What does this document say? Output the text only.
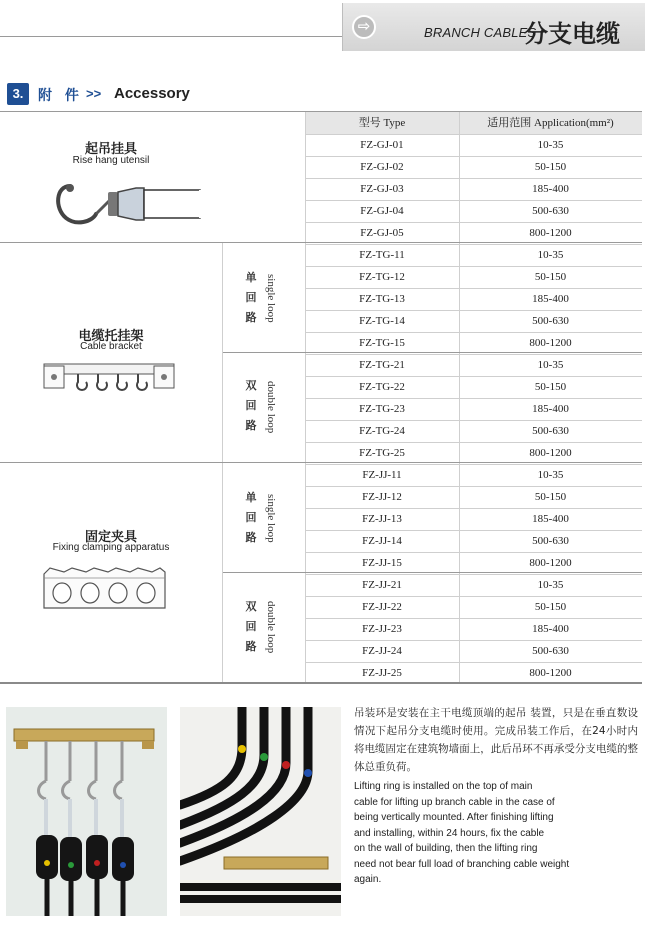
⇨	BRANCH CABLES
分支电缆
3.	附 件 >> Accessory
型号 Type	适用范围 Application(mm²)
FZ-GJ-01	10-35
FZ-GJ-02	50-150
FZ-GJ-03	185-400
FZ-GJ-04	500-630
FZ-GJ-05	800-1200
FZ-TG-11	10-35
FZ-TG-12	50-150
FZ-TG-13	185-400
FZ-TG-14	500-630
FZ-TG-15	800-1200
FZ-TG-21	10-35
FZ-TG-22	50-150
FZ-TG-23	185-400
FZ-TG-24	500-630
FZ-TG-25	800-1200
FZ-JJ-11	10-35
FZ-JJ-12	50-150
FZ-JJ-13	185-400
FZ-JJ-14	500-630
FZ-JJ-15	800-1200
FZ-JJ-21	10-35
FZ-JJ-22	50-150
FZ-JJ-23	185-400
FZ-JJ-24	500-630
FZ-JJ-25	800-1200
起吊挂具
Rise hang utensil
电缆托挂架
Cable bracket
单
回
路 single loop
双
回
路 double loop
固定夹具
Fixing clamping apparatus
单
回
路 single loop
双
回
路 double loop
吊装环是安装在主干电缆顶端的起吊 装置，只是在垂直数设情况下起吊分支电缆时使用。完成吊装工作后，在24小时内将电缆固定在建筑物墙面上，此后吊环不再承受分支电缆的整体总重负荷。
Lifting ring is installed on the top of main
cable for lifting up branch cable in the case of
being vertically mounted. After finishing lifting
and installing, within 24 hours, fix the cable
on the wall of building, then the lifting ring
need not bear full load of branching cable weight
again.
